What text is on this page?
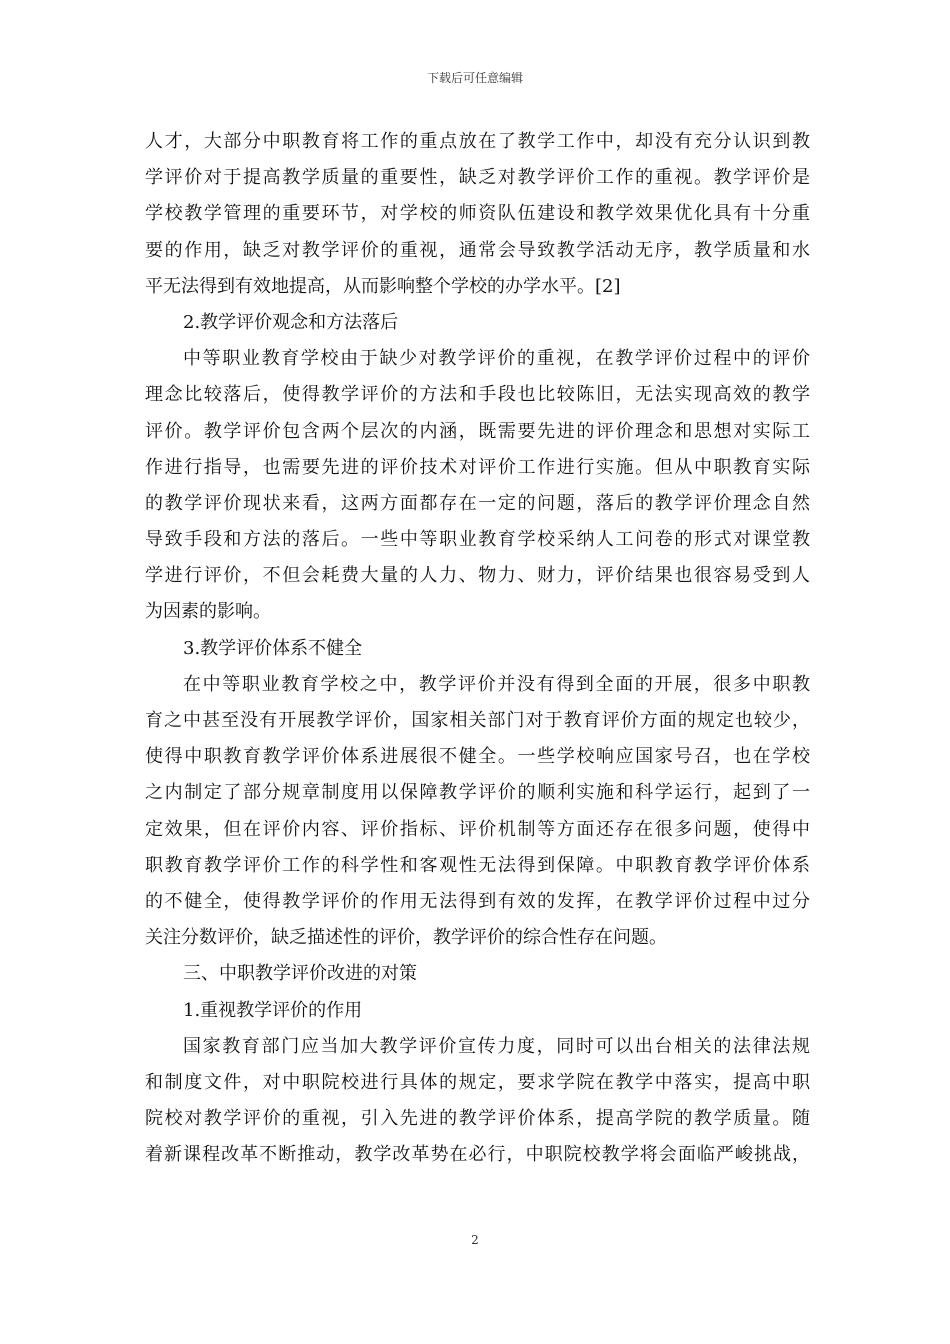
下载后可任意编辑
人才，大部分中职教育将工作的重点放在了教学工作中，却没有充分认识到教
学评价对于提高教学质量的重要性，缺乏对教学评价工作的重视。教学评价是
学校教学管理的重要环节，对学校的师资队伍建设和教学效果优化具有十分重
要的作用，缺乏对教学评价的重视，通常会导致教学活动无序，教学质量和水
平无法得到有效地提高，从而影响整个学校的办学水平。[2]
2.教学评价观念和方法落后
中等职业教育学校由于缺少对教学评价的重视，在教学评价过程中的评价
理念比较落后，使得教学评价的方法和手段也比较陈旧，无法实现高效的教学
评价。教学评价包含两个层次的内涵，既需要先进的评价理念和思想对实际工
作进行指导，也需要先进的评价技术对评价工作进行实施。但从中职教育实际
的教学评价现状来看，这两方面都存在一定的问题，落后的教学评价理念自然
导致手段和方法的落后。一些中等职业教育学校采纳人工问卷的形式对课堂教
学进行评价，不但会耗费大量的人力、物力、财力，评价结果也很容易受到人
为因素的影响。
3.教学评价体系不健全
在中等职业教育学校之中，教学评价并没有得到全面的开展，很多中职教
育之中甚至没有开展教学评价，国家相关部门对于教育评价方面的规定也较少，
使得中职教育教学评价体系进展很不健全。一些学校响应国家号召，也在学校
之内制定了部分规章制度用以保障教学评价的顺利实施和科学运行，起到了一
定效果，但在评价内容、评价指标、评价机制等方面还存在很多问题，使得中
职教育教学评价工作的科学性和客观性无法得到保障。中职教育教学评价体系
的不健全，使得教学评价的作用无法得到有效的发挥，在教学评价过程中过分
关注分数评价，缺乏描述性的评价，教学评价的综合性存在问题。
三、中职教学评价改进的对策
1.重视教学评价的作用
国家教育部门应当加大教学评价宣传力度，同时可以出台相关的法律法规
和制度文件，对中职院校进行具体的规定，要求学院在教学中落实，提高中职
院校对教学评价的重视，引入先进的教学评价体系，提高学院的教学质量。随
着新课程改革不断推动，教学改革势在必行，中职院校教学将会面临严峻挑战，
2
